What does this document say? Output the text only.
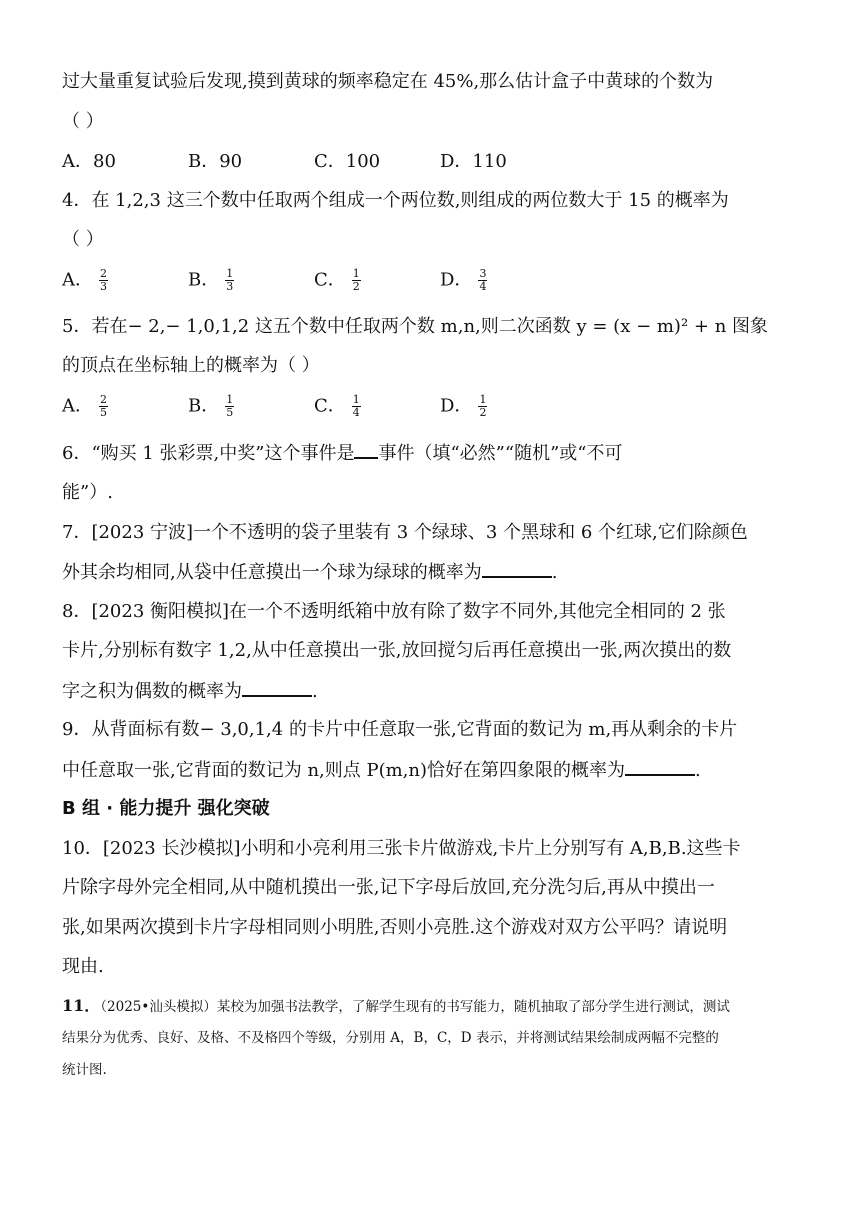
过大量重复试验后发现,摸到黄球的频率稳定在 45%,那么估计盒子中黄球的个数为
（ ）
A．80	B．90	C．100	D．110
4．在 1,2,3 这三个数中任取两个组成一个两位数,则组成的两位数大于 15 的概率为
（ ）
A． $\frac{2}{3}$	B． $\frac{1}{3}$	C． $\frac{1}{2}$	D． $\frac{3}{4}$
5．若在− 2,− 1,0,1,2 这五个数中任取两个数 m,n,则二次函数 y = (x − m)² + n 图象
的顶点在坐标轴上的概率为（ ）
A． $\frac{2}{5}$	B． $\frac{1}{5}$	C． $\frac{1}{4}$	D． $\frac{1}{2}$
6．“购买 1 张彩票,中奖”这个事件是 事件（填“必然”“随机”或“不可
能”）.
7．[2023 宁波]一个不透明的袋子里装有 3 个绿球、3 个黑球和 6 个红球,它们除颜色
外其余均相同,从袋中任意摸出一个球为绿球的概率为	.
8．[2023 衡阳模拟]在一个不透明纸箱中放有除了数字不同外,其他完全相同的 2 张
卡片,分别标有数字 1,2,从中任意摸出一张,放回搅匀后再任意摸出一张,两次摸出的数
字之积为偶数的概率为	.
9．从背面标有数− 3,0,1,4 的卡片中任意取一张,它背面的数记为 m,再从剩余的卡片
中任意取一张,它背面的数记为 n,则点 P(m,n)恰好在第四象限的概率为	.
B 组 · 能力提升 强化突破
10．[2023 长沙模拟]小明和小亮利用三张卡片做游戏,卡片上分别写有 A,B,B.这些卡
片除字母外完全相同,从中随机摸出一张,记下字母后放回,充分洗匀后,再从中摸出一
张,如果两次摸到卡片字母相同则小明胜,否则小亮胜.这个游戏对双方公平吗？请说明
现由.
11．（2025•汕头模拟）某校为加强书法教学，了解学生现有的书写能力，随机抽取了部分学生进行测试，测试
结果分为优秀、良好、及格、不及格四个等级，分别用 A，B，C，D 表示，并将测试结果绘制成两幅不完整的
统计图.
